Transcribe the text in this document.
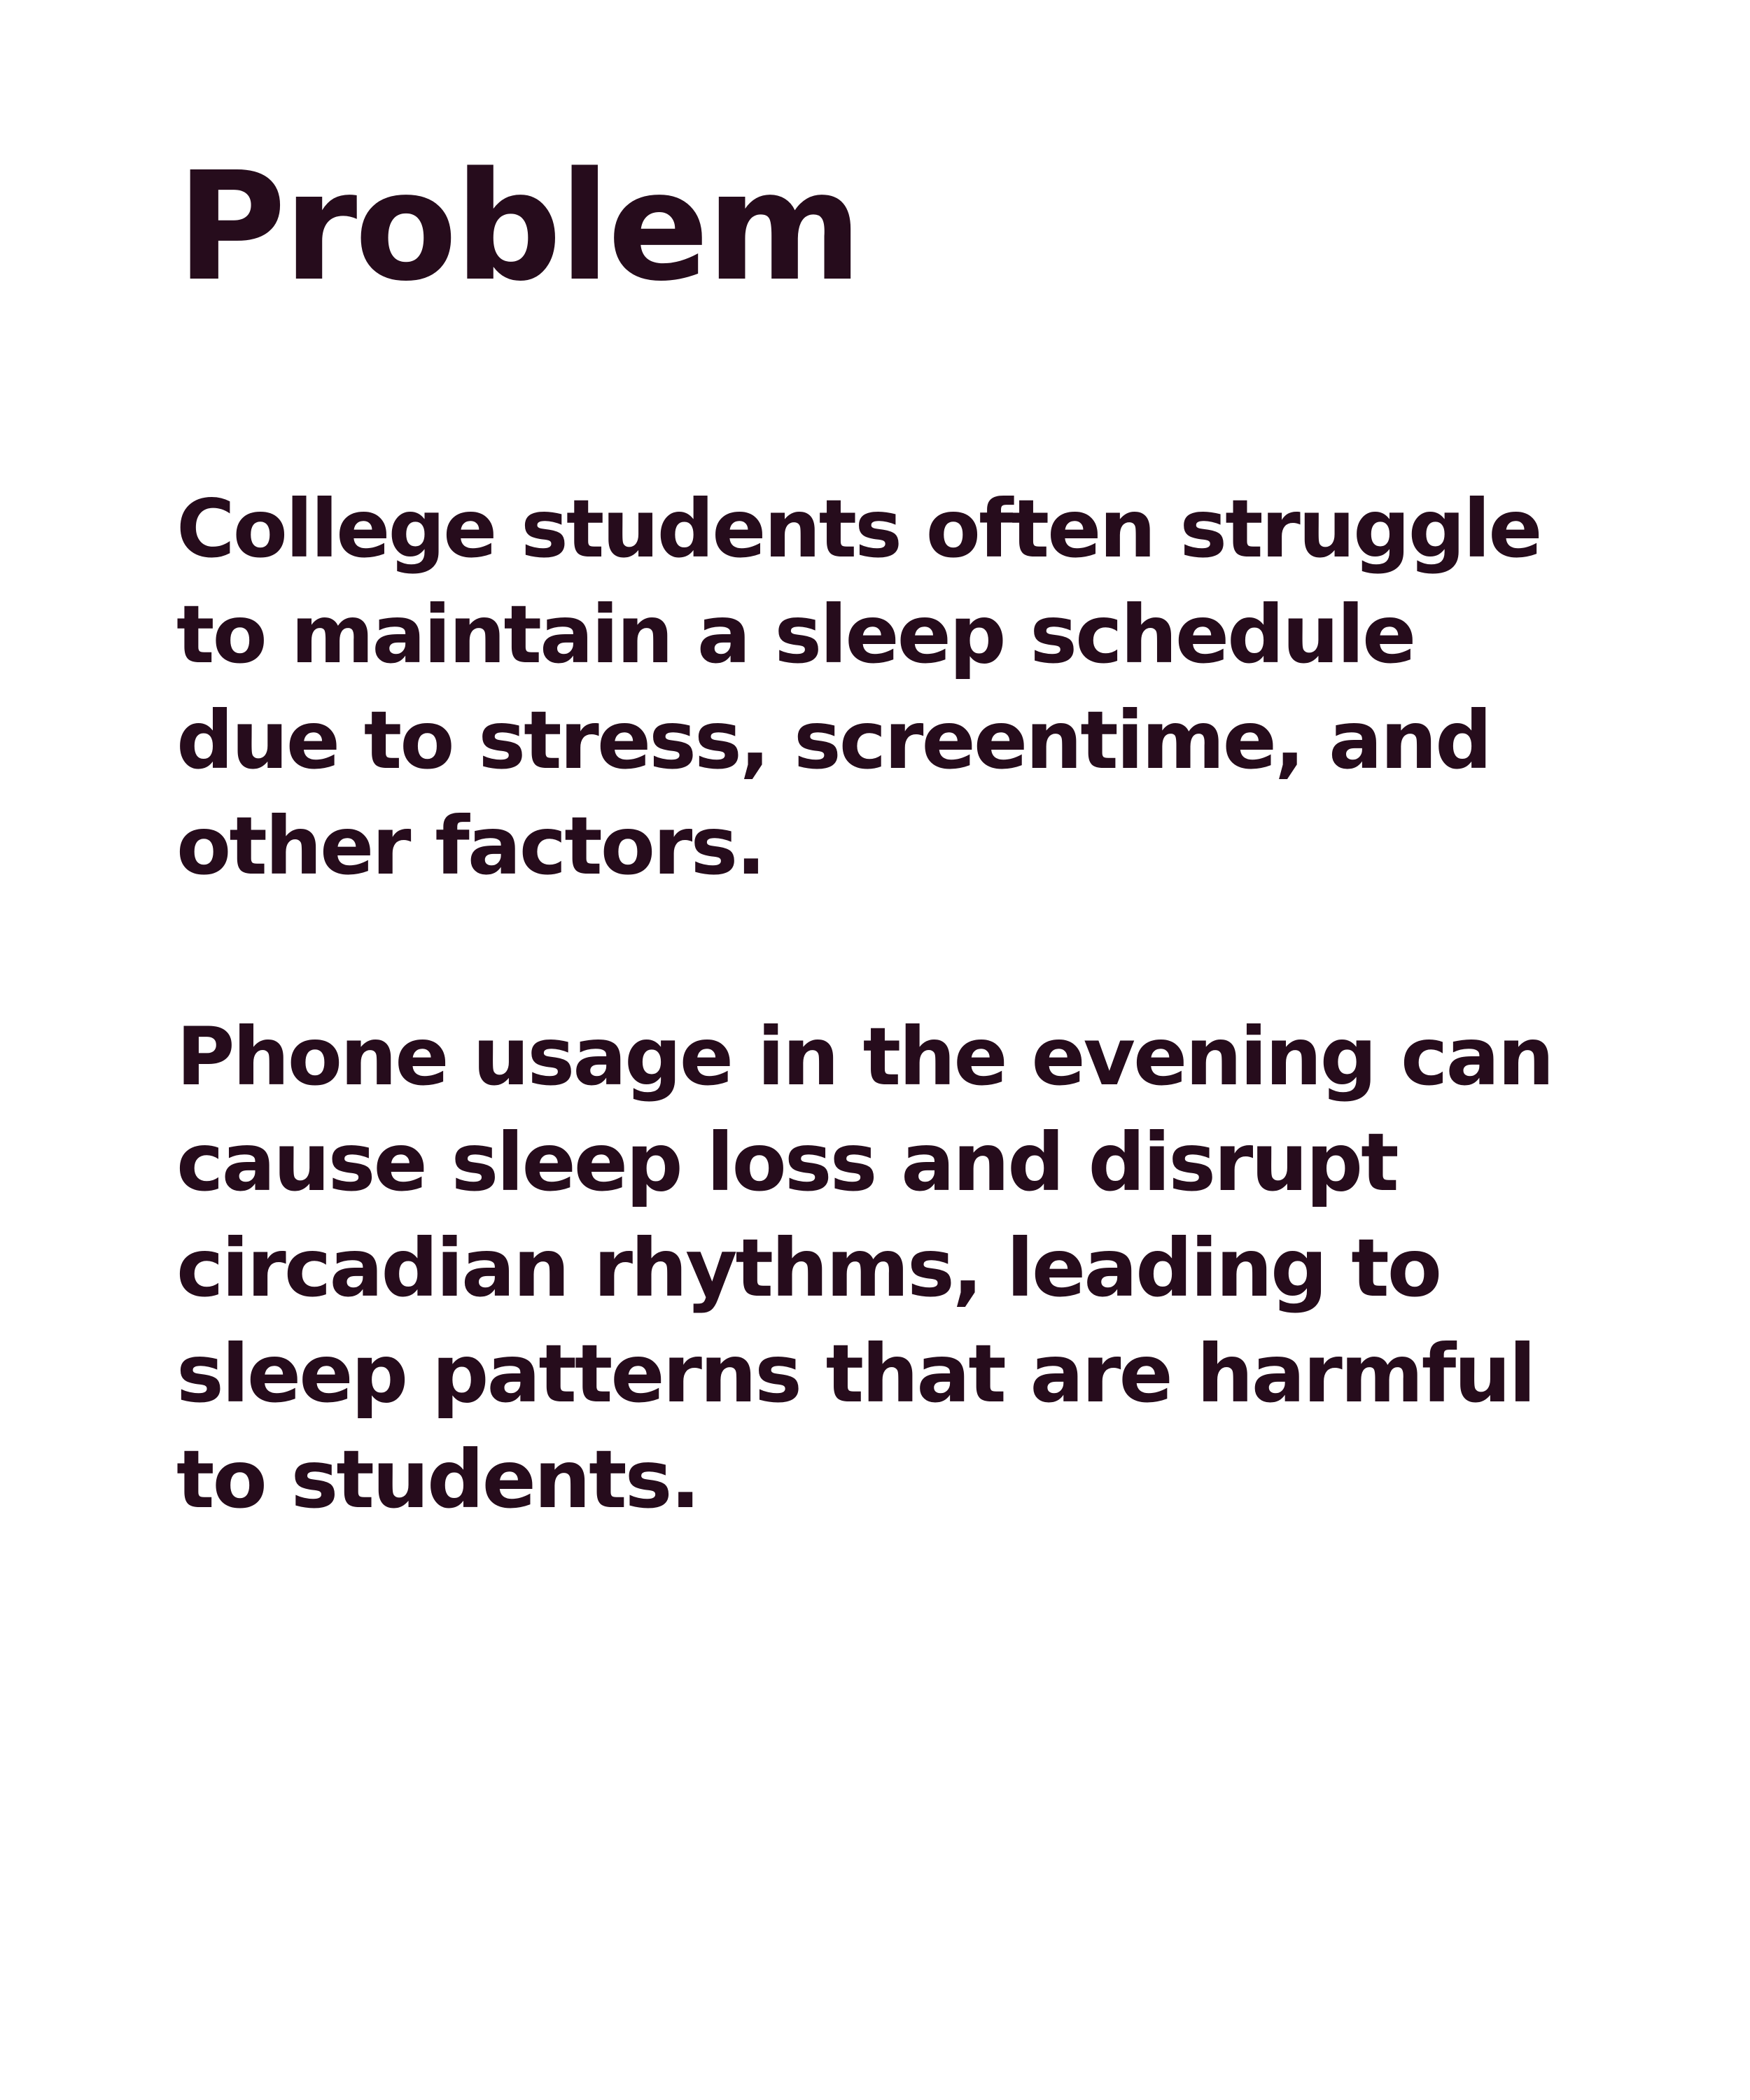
Problem

College students often struggle
to maintain a sleep schedule
due to stress, screentime, and
other factors.

Phone usage in the evening can
cause sleep loss and disrupt
circadian rhythms, leading to
sleep patterns that are harmful
to students.
